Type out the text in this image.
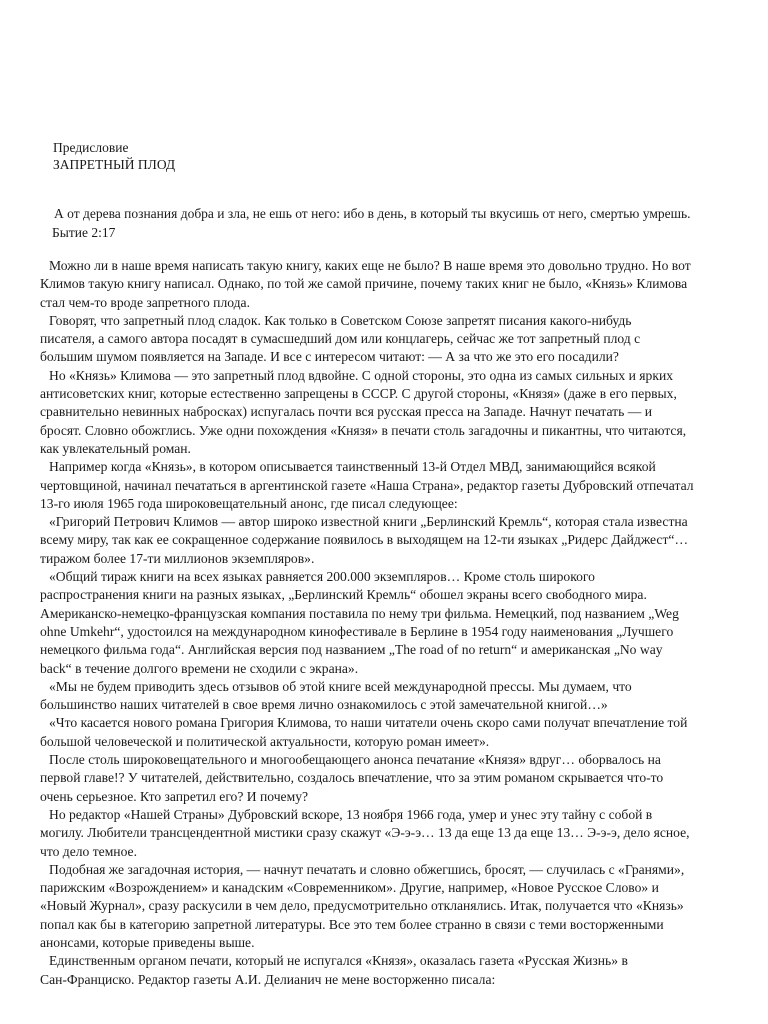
Предисловие
ЗАПРЕТНЫЙ ПЛОД
А от дерева познания добра и зла, не ешь от него: ибо в день, в который ты вкусишь от него, смертью умрешь.
Бытие 2:17
Можно ли в наше время написать такую книгу, каких еще не было? В наше время это довольно трудно. Но вот
Климов такую книгу написал. Однако, по той же самой причине, почему таких книг не было, «Князь» Климова
стал чем-то вроде запретного плода.
Говорят, что запретный плод сладок. Как только в Советском Союзе запретят писания какого-нибудь
писателя, а самого автора посадят в сумасшедший дом или концлагерь, сейчас же тот запретный плод с
большим шумом появляется на Западе. И все с интересом читают: — А за что же это его посадили?
Но «Князь» Климова — это запретный плод вдвойне. С одной стороны, это одна из самых сильных и ярких
антисоветских книг, которые естественно запрещены в СССР. С другой стороны, «Князя» (даже в его первых,
сравнительно невинных набросках) испугалась почти вся русская пресса на Западе. Начнут печатать — и
бросят. Словно обожглись. Уже одни похождения «Князя» в печати столь загадочны и пикантны, что читаются,
как увлекательный роман.
Например когда «Князь», в котором описывается таинственный 13-й Отдел МВД, занимающийся всякой
чертовщиной, начинал печататься в аргентинской газете «Наша Страна», редактор газеты Дубровский отпечатал
13-го июля 1965 года широковещательный анонс, где писал следующее:
«Григорий Петрович Климов — автор широко известной книги „Берлинский Кремль“, которая стала известна
всему миру, так как ее сокращенное содержание появилось в выходящем на 12-ти языках „Ридерс Дайджест“…
тиражом более 17-ти миллионов экземпляров».
«Общий тираж книги на всех языках равняется 200.000 экземпляров… Кроме столь широкого
распространения книги на разных языках, „Берлинский Кремль“ обошел экраны всего свободного мира.
Американско-немецко-французская компания поставила по нему три фильма. Немецкий, под названием „Weg
ohne Umkehr“, удостоился на международном кинофестивале в Берлине в 1954 году наименования „Лучшего
немецкого фильма года“. Английская версия под названием „The road of no return“ и американская „No way
back“ в течение долгого времени не сходили с экрана».
«Мы не будем приводить здесь отзывов об этой книге всей международной прессы. Мы думаем, что
большинство наших читателей в свое время лично ознакомилось с этой замечательной книгой…»
«Что касается нового романа Григория Климова, то наши читатели очень скоро сами получат впечатление той
большой человеческой и политической актуальности, которую роман имеет».
После столь широковещательного и многообещающего анонса печатание «Князя» вдруг… оборвалось на
первой главе!? У читателей, действительно, создалось впечатление, что за этим романом скрывается что-то
очень серьезное. Кто запретил его? И почему?
Но редактор «Нашей Страны» Дубровский вскоре, 13 ноября 1966 года, умер и унес эту тайну с собой в
могилу. Любители трансцендентной мистики сразу скажут «Э-э-э… 13 да еще 13 да еще 13… Э-э-э, дело ясное,
что дело темное.
Подобная же загадочная история, — начнут печатать и словно обжегшись, бросят, — случилась с «Гранями»,
парижским «Возрождением» и канадским «Современником». Другие, например, «Новое Русское Слово» и
«Новый Журнал», сразу раскусили в чем дело, предусмотрительно откланялись. Итак, получается что «Князь»
попал как бы в категорию запретной литературы. Все это тем более странно в связи с теми восторженными
анонсами, которые приведены выше.
Единственным органом печати, который не испугался «Князя», оказалась газета «Русская Жизнь» в
Сан-Франциско. Редактор газеты А.И. Делианич не мене восторженно писала:
